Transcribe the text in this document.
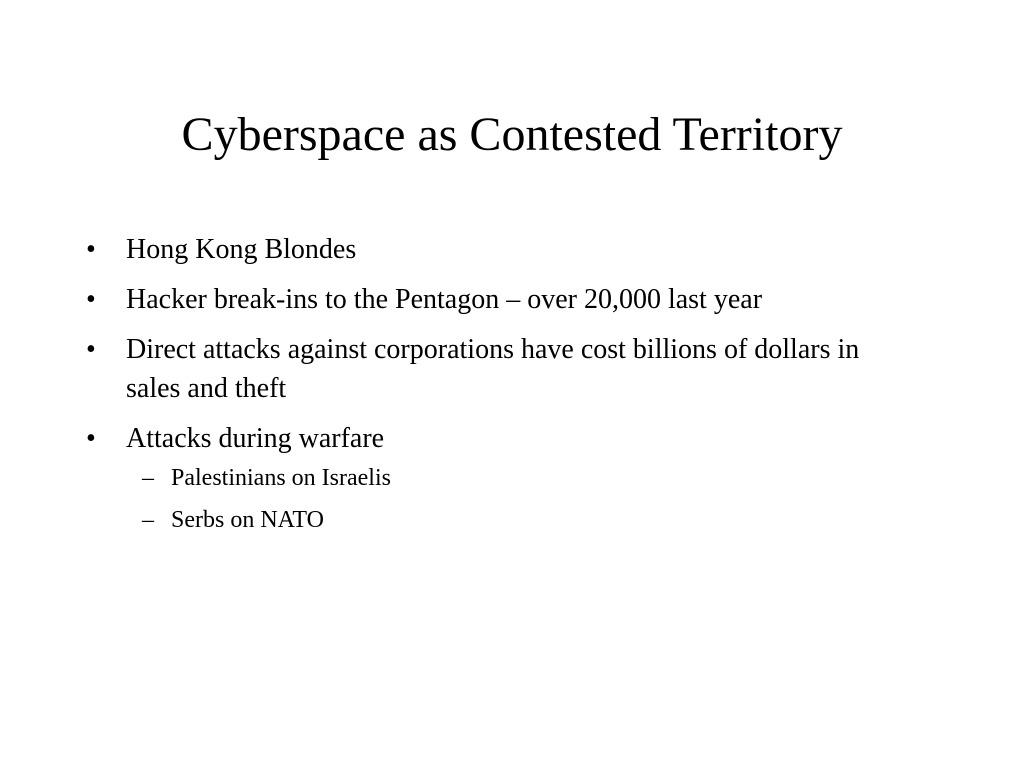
Cyberspace as Contested Territory
•	Hong Kong Blondes
•	Hacker break-ins to the Pentagon – over 20,000 last year
•	Direct attacks against corporations have cost billions of dollars in sales and theft
•	Attacks during warfare
– Palestinians on Israelis
– Serbs on NATO
